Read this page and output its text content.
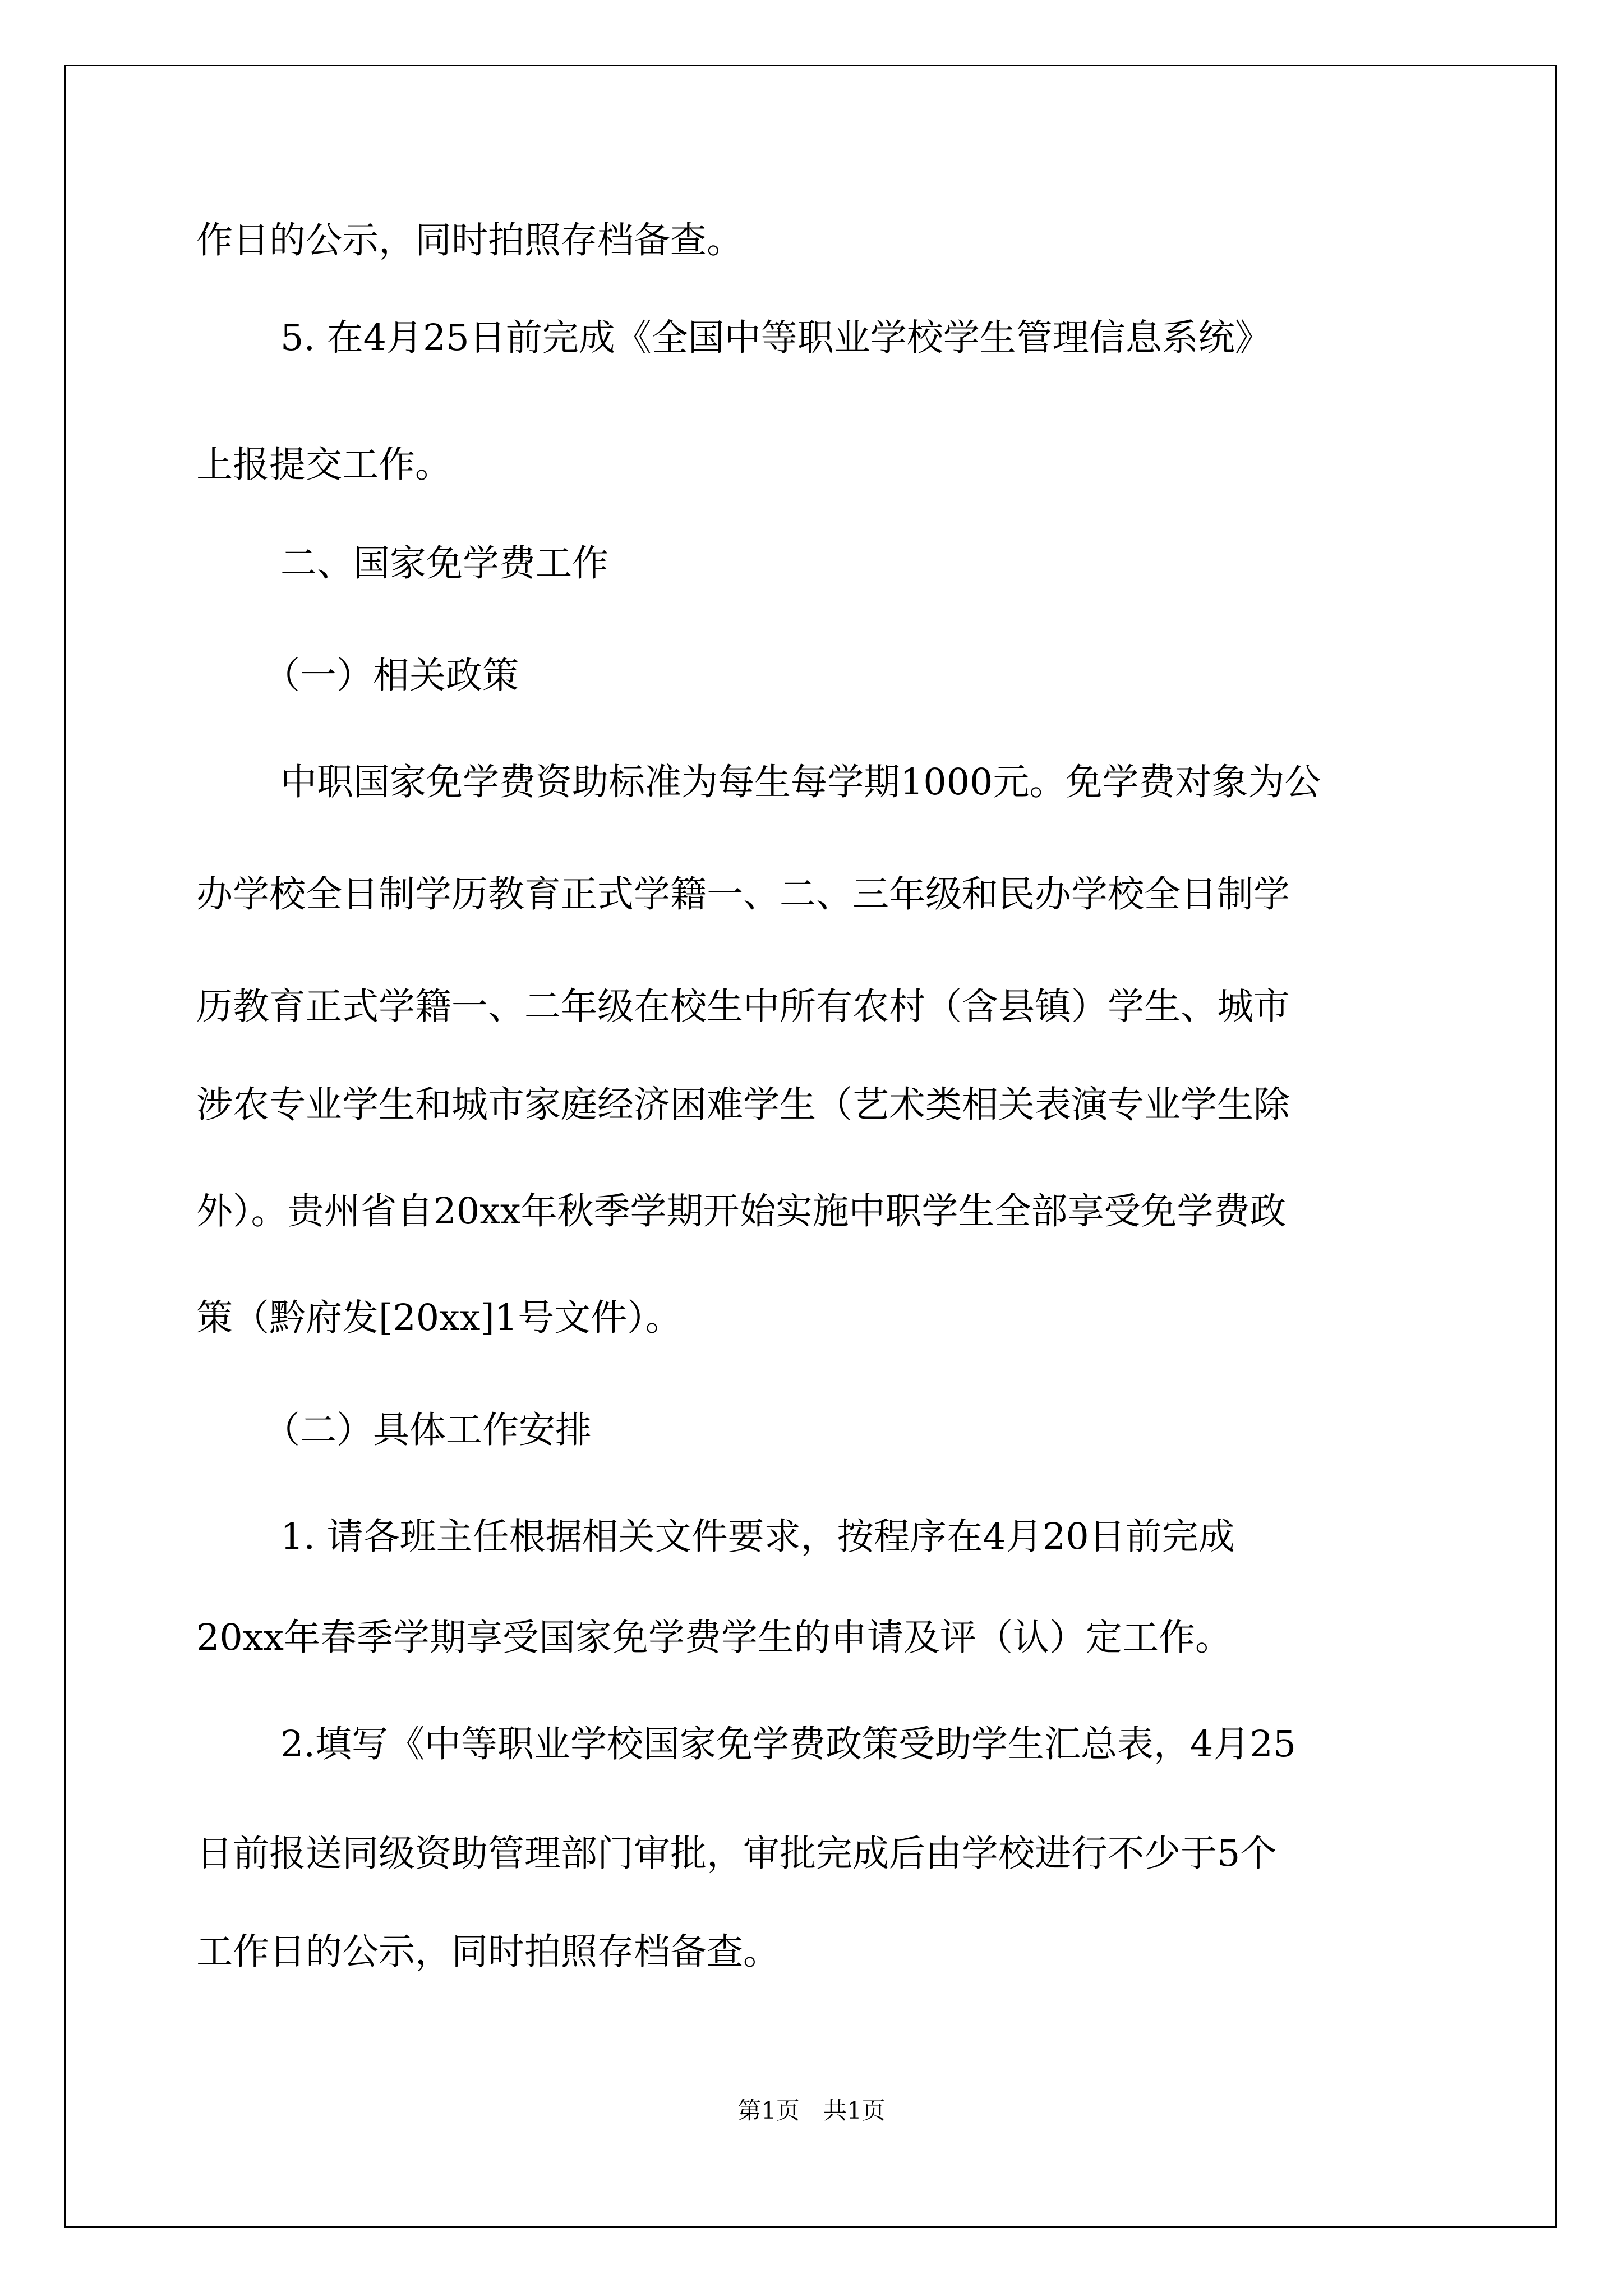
作日的公示，同时拍照存档备查。
5. 在4月25日前完成《全国中等职业学校学生管理信息系统》
上报提交工作。
二、国家免学费工作
（一）相关政策
中职国家免学费资助标准为每生每学期1000元。免学费对象为公
办学校全日制学历教育正式学籍一、二、三年级和民办学校全日制学
历教育正式学籍一、二年级在校生中所有农村（含县镇）学生、城市
涉农专业学生和城市家庭经济困难学生（艺术类相关表演专业学生除
外）。贵州省自20xx年秋季学期开始实施中职学生全部享受免学费政
策（黔府发[20xx]1号文件）。
（二）具体工作安排
1. 请各班主任根据相关文件要求，按程序在4月20日前完成
20xx年春季学期享受国家免学费学生的申请及评（认）定工作。
2.填写《中等职业学校国家免学费政策受助学生汇总表，4月25
日前报送同级资助管理部门审批，审批完成后由学校进行不少于5个
工作日的公示，同时拍照存档备查。
第1页　共1页
